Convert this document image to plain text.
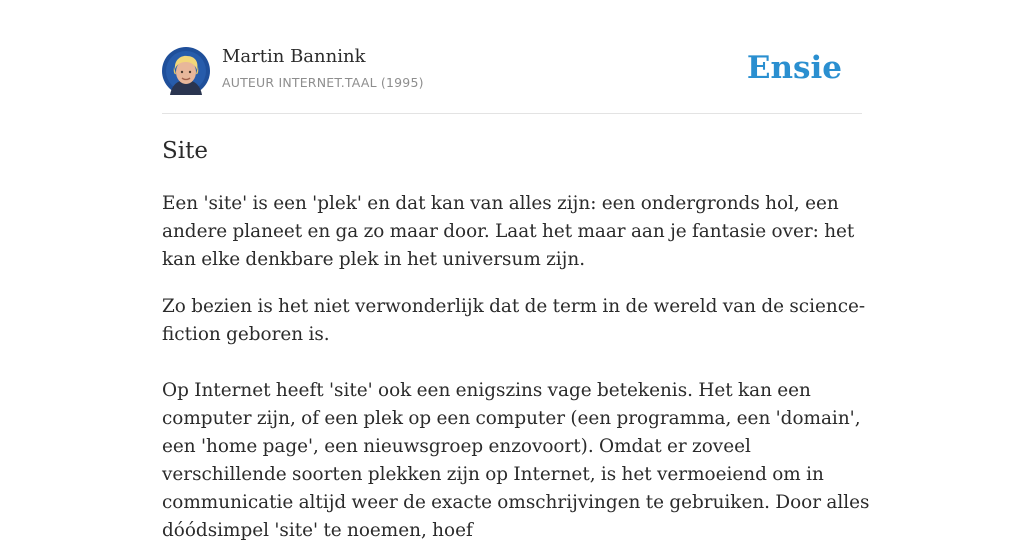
Martin Bannink
AUTEUR INTERNET.TAAL (1995)	Ensie
Site

Een 'site' is een 'plek' en dat kan van alles zijn: een ondergronds hol, een andere planeet en ga zo maar door. Laat het maar aan je fantasie over: het kan elke denkbare plek in het universum zijn.

Zo bezien is het niet verwonderlijk dat de term in de wereld van de science-fiction geboren is.

Op Internet heeft 'site' ook een enigszins vage betekenis. Het kan een computer zijn, of een plek op een computer (een programma, een 'domain', een 'home page', een nieuwsgroep enzovoort). Omdat er zoveel verschillende soorten plekken zijn op Internet, is het vermoeiend om in communicatie altijd weer de exacte omschrijvingen te gebruiken. Door alles dóódsimpel 'site' te noemen, hoef
